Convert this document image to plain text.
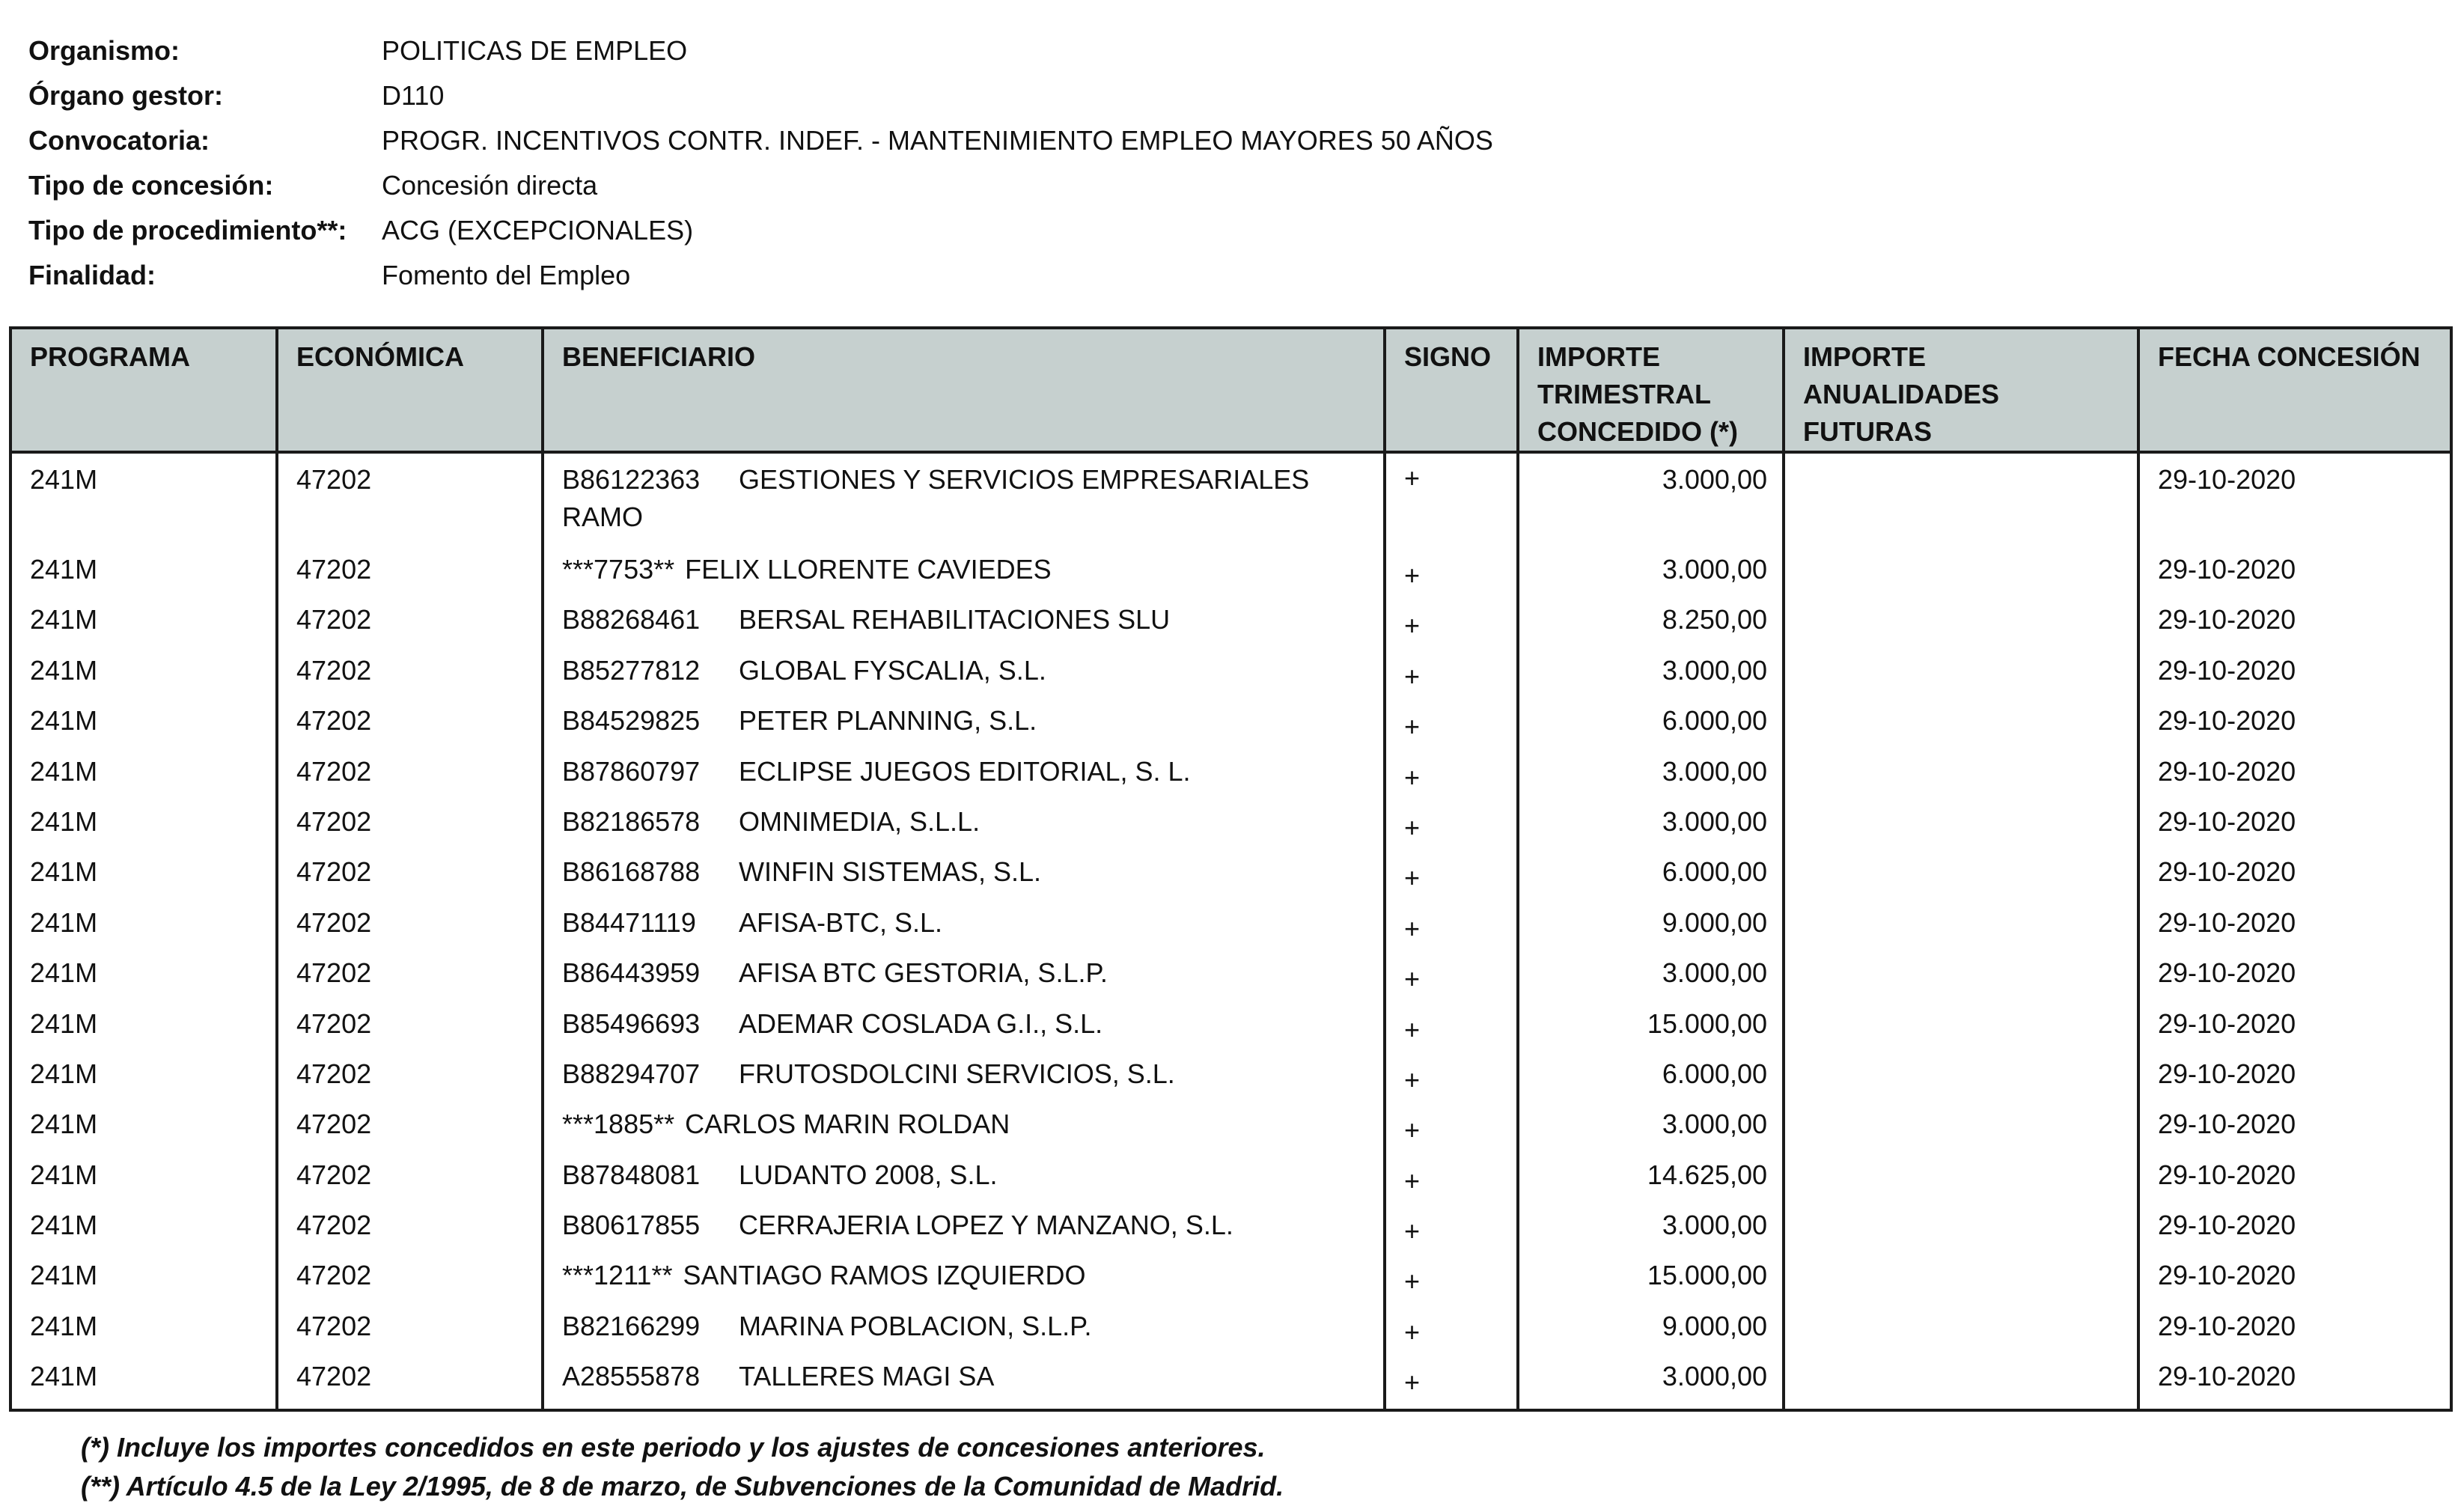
Organismo:	POLITICAS DE EMPLEO
Órgano gestor:	D110
Convocatoria:	PROGR. INCENTIVOS CONTR. INDEF. - MANTENIMIENTO EMPLEO MAYORES 50 AÑOS
Tipo de concesión:	Concesión directa
Tipo de procedimiento**:	ACG (EXCEPCIONALES)
Finalidad:	Fomento del Empleo
PROGRAMA	ECONÓMICA	BENEFICIARIO	SIGNO	IMPORTE TRIMESTRAL CONCEDIDO (*)	IMPORTE ANUALIDADES FUTURAS	FECHA CONCESIÓN
241M	47202	B86122363 GESTIONES Y SERVICIOS EMPRESARIALES RAMO	+	3.000,00		29-10-2020
241M	47202	***7753** FELIX LLORENTE CAVIEDES	+	3.000,00		29-10-2020
241M	47202	B88268461 BERSAL REHABILITACIONES SLU	+	8.250,00		29-10-2020
241M	47202	B85277812 GLOBAL FYSCALIA, S.L.	+	3.000,00		29-10-2020
241M	47202	B84529825 PETER PLANNING, S.L.	+	6.000,00		29-10-2020
241M	47202	B87860797 ECLIPSE JUEGOS EDITORIAL, S. L.	+	3.000,00		29-10-2020
241M	47202	B82186578 OMNIMEDIA, S.L.L.	+	3.000,00		29-10-2020
241M	47202	B86168788 WINFIN SISTEMAS, S.L.	+	6.000,00		29-10-2020
241M	47202	B84471119 AFISA-BTC, S.L.	+	9.000,00		29-10-2020
241M	47202	B86443959 AFISA BTC GESTORIA, S.L.P.	+	3.000,00		29-10-2020
241M	47202	B85496693 ADEMAR COSLADA G.I., S.L.	+	15.000,00		29-10-2020
241M	47202	B88294707 FRUTOSDOLCINI SERVICIOS, S.L.	+	6.000,00		29-10-2020
241M	47202	***1885** CARLOS MARIN ROLDAN	+	3.000,00		29-10-2020
241M	47202	B87848081 LUDANTO 2008, S.L.	+	14.625,00		29-10-2020
241M	47202	B80617855 CERRAJERIA LOPEZ Y MANZANO, S.L.	+	3.000,00		29-10-2020
241M	47202	***1211** SANTIAGO RAMOS IZQUIERDO	+	15.000,00		29-10-2020
241M	47202	B82166299 MARINA POBLACION, S.L.P.	+	9.000,00		29-10-2020
241M	47202	A28555878 TALLERES MAGI SA	+	3.000,00		29-10-2020

(*) Incluye los importes concedidos en este periodo y los ajustes de concesiones anteriores.
(**) Artículo 4.5 de la Ley 2/1995, de 8 de marzo, de Subvenciones de la Comunidad de Madrid.
